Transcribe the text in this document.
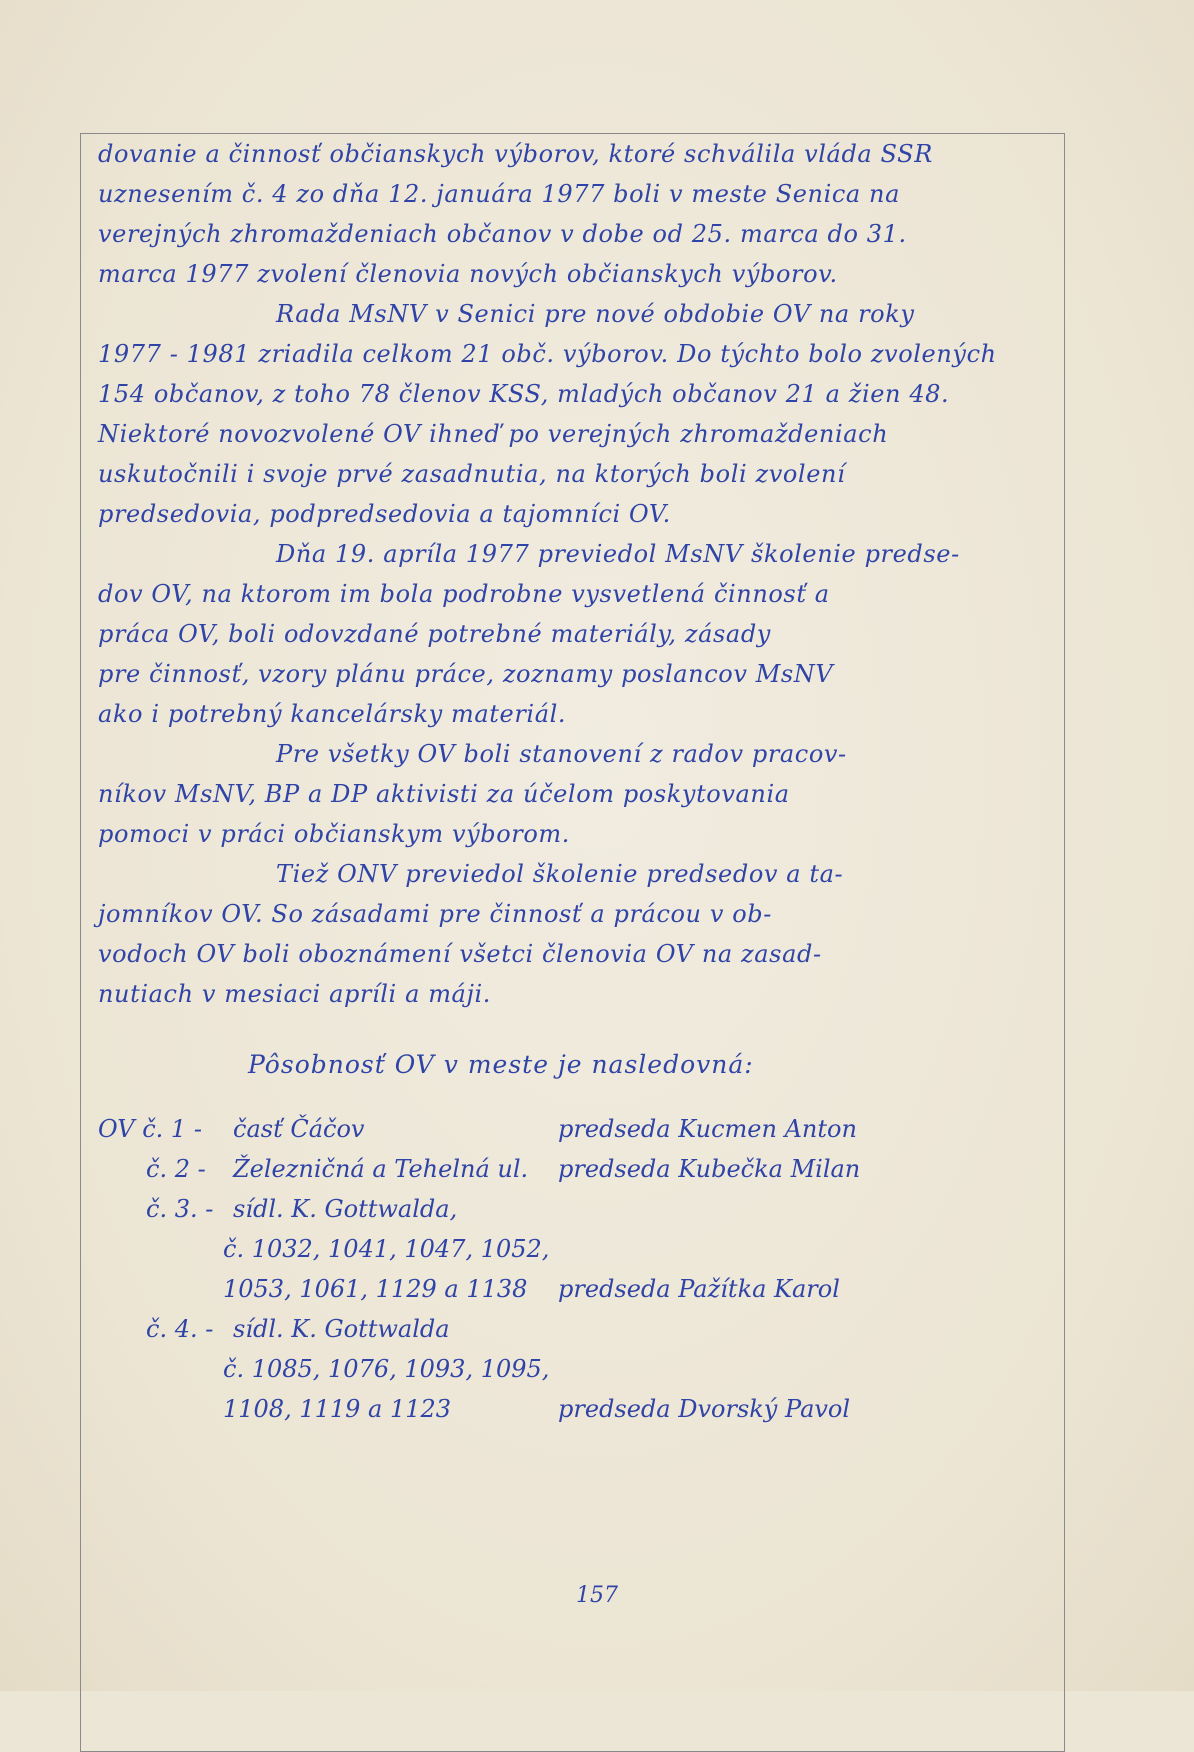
dovanie a činnosť občianskych výborov, ktoré schválila vláda SSR
uznesením č. 4 zo dňa 12. januára 1977 boli v meste Senica na
verejných zhromaždeniach občanov v dobe od 25. marca do 31.
marca 1977 zvolení členovia nových občianskych výborov.
Rada MsNV v Senici pre nové obdobie OV na roky
1977 - 1981 zriadila celkom 21 obč. výborov. Do týchto bolo zvolených
154 občanov, z toho 78 členov KSS, mladých občanov 21 a žien 48.
Niektoré novozvolené OV ihneď po verejných zhromaždeniach
uskutočnili i svoje prvé zasadnutia, na ktorých boli zvolení
predsedovia, podpredsedovia a tajomníci OV.
Dňa 19. apríla 1977 previedol MsNV školenie predse-
dov OV, na ktorom im bola podrobne vysvetlená činnosť a
práca OV, boli odovzdané potrebné materiály, zásady
pre činnosť, vzory plánu práce, zoznamy poslancov MsNV
ako i potrebný kancelársky materiál.
Pre všetky OV boli stanovení z radov pracov-
níkov MsNV, BP a DP aktivisti za účelom poskytovania
pomoci v práci občianskym výborom.
Tiež ONV previedol školenie predsedov a ta-
jomníkov OV. So zásadami pre činnosť a prácou v ob-
vodoch OV boli oboznámení všetci členovia OV na zasad-
nutiach v mesiaci apríli a máji.
Pôsobnosť OV v meste je nasledovná:
OV č. 1 - časť Čáčov	predseda Kucmen Anton
č. 2 - Železničná a Tehelná ul. predseda Kubečka Milan
č. 3. - sídl. K. Gottwalda,
č. 1032, 1041, 1047, 1052,
1053, 1061, 1129 a 1138 predseda Pažítka Karol
č. 4. - sídl. K. Gottwalda
č. 1085, 1076, 1093, 1095,
1108, 1119 a 1123	predseda Dvorský Pavol
157
